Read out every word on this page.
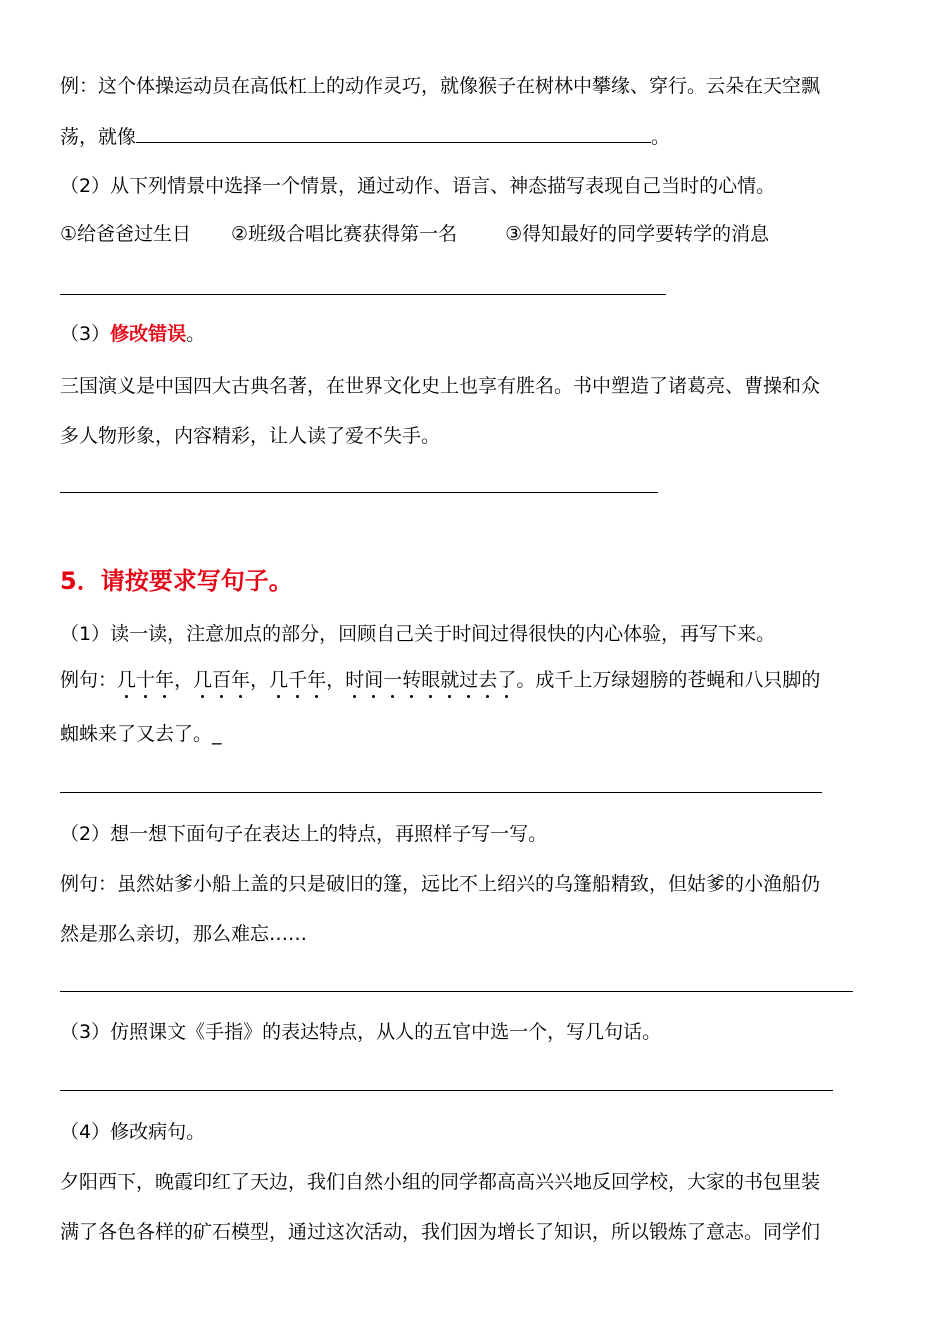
例：这个体操运动员在高低杠上的动作灵巧，就像猴子在树林中攀缘、穿行。云朵在天空飘
荡，就像	。
（2）从下列情景中选择一个情景，通过动作、语言、神态描写表现自己当时的心情。
①给爸爸过生日 ②班级合唱比赛获得第一名	③得知最好的同学要转学的消息
（3）修改错误。
三国演义是中国四大古典名著，在世界文化史上也享有胜名。书中塑造了诸葛亮、曹操和众
多人物形象，内容精彩，让人读了爱不失手。
5．请按要求写句子。
（1）读一读，注意加点的部分，回顾自己关于时间过得很快的内心体验，再写下来。
例句：几十年，几百年，几千年，时间一转眼就过去了。成千上万绿翅膀的苍蝇和八只脚的
蜘蛛来了又去了。_
（2）想一想下面句子在表达上的特点，再照样子写一写。
例句：虽然姑爹小船上盖的只是破旧的篷，远比不上绍兴的乌篷船精致，但姑爹的小渔船仍
然是那么亲切，那么难忘……
（3）仿照课文《手指》的表达特点，从人的五官中选一个，写几句话。
（4）修改病句。
夕阳西下，晚霞印红了天边，我们自然小组的同学都高高兴兴地反回学校，大家的书包里装
满了各色各样的矿石模型，通过这次活动，我们因为增长了知识，所以锻炼了意志。同学们
